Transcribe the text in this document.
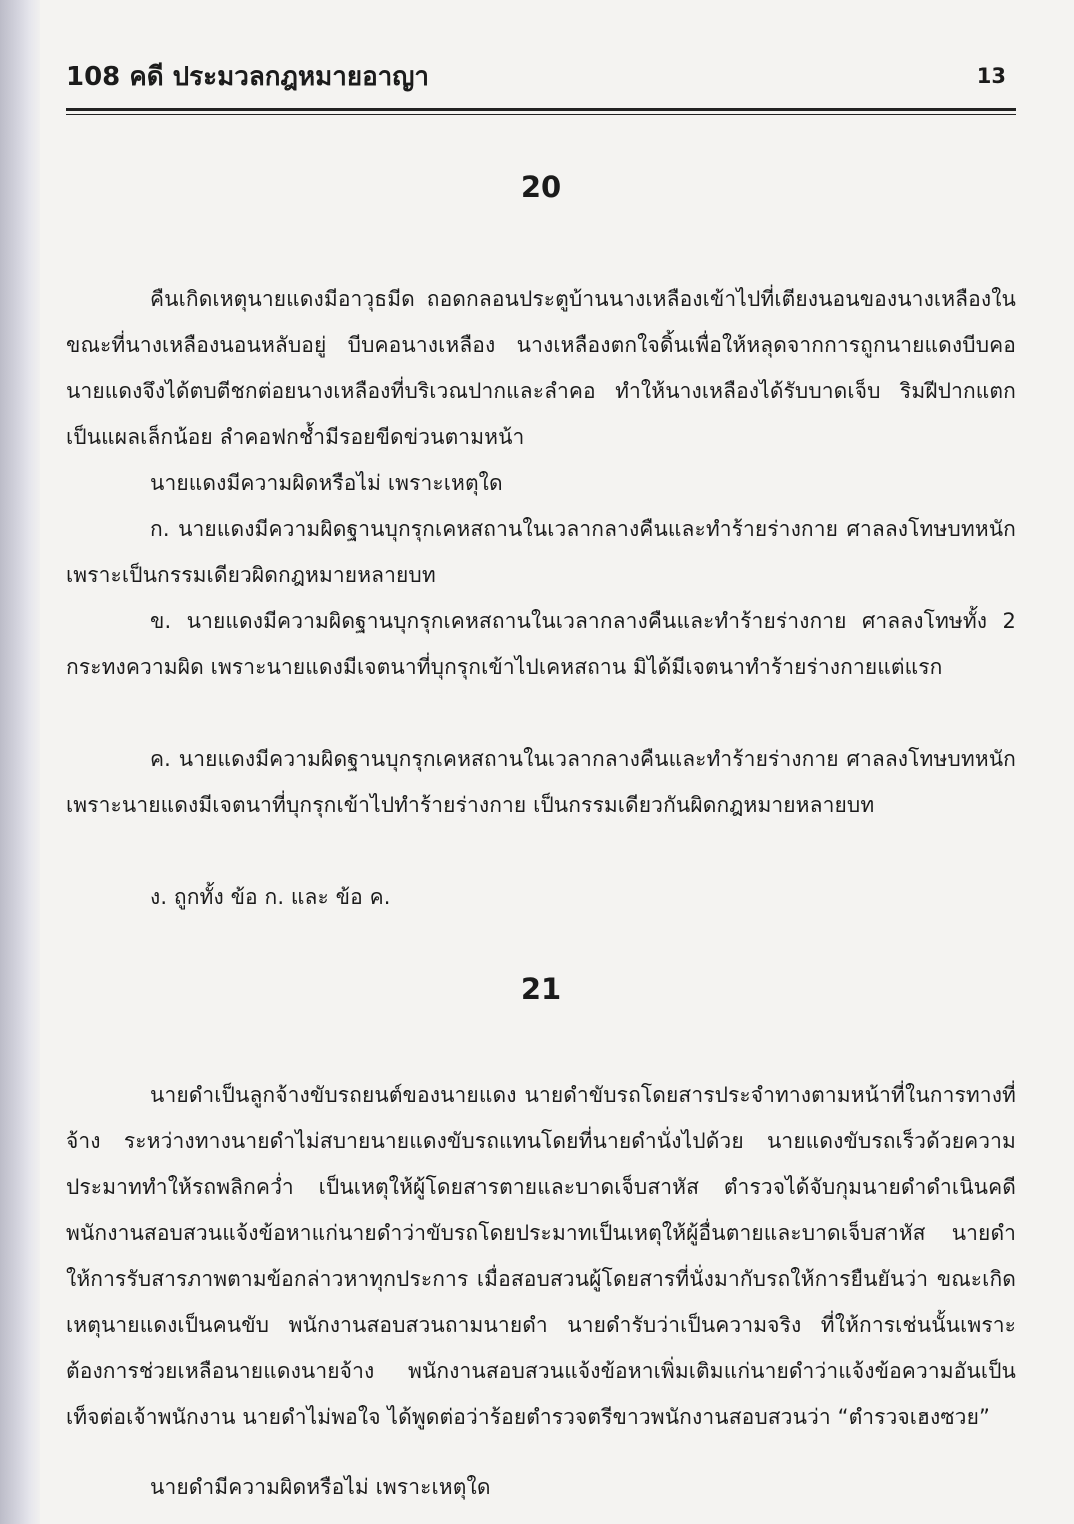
108 คดี ประมวลกฎหมายอาญา	13
20

คืนเกิดเหตุนายแดงมีอาวุธมีด ถอดกลอนประตูบ้านนางเหลืองเข้าไปที่เตียงนอนของนางเหลืองในขณะที่นางเหลืองนอนหลับอยู่ บีบคอนางเหลือง นางเหลืองตกใจดิ้นเพื่อให้หลุดจากการถูกนายแดงบีบคอ นายแดงจึงได้ตบตีชกต่อยนางเหลืองที่บริเวณปากและลำคอ ทำให้นางเหลืองได้รับบาดเจ็บ ริมฝีปากแตกเป็นแผลเล็กน้อย ลำคอฟกช้ำมีรอยขีดข่วนตามหน้า

นายแดงมีความผิดหรือไม่ เพราะเหตุใด

ก. นายแดงมีความผิดฐานบุกรุกเคหสถานในเวลากลางคืนและทำร้ายร่างกาย ศาลลงโทษบทหนัก เพราะเป็นกรรมเดียวผิดกฎหมายหลายบท

ข. นายแดงมีความผิดฐานบุกรุกเคหสถานในเวลากลางคืนและทำร้ายร่างกาย ศาลลงโทษทั้ง 2 กระทงความผิด เพราะนายแดงมีเจตนาที่บุกรุกเข้าไปเคหสถาน มิได้มีเจตนาทำร้ายร่างกายแต่แรก

ค. นายแดงมีความผิดฐานบุกรุกเคหสถานในเวลากลางคืนและทำร้ายร่างกาย ศาลลงโทษบทหนัก เพราะนายแดงมีเจตนาที่บุกรุกเข้าไปทำร้ายร่างกาย เป็นกรรมเดียวกันผิดกฎหมายหลายบท

ง. ถูกทั้ง ข้อ ก. และ ข้อ ค.

21

นายดำเป็นลูกจ้างขับรถยนต์ของนายแดง นายดำขับรถโดยสารประจำทางตามหน้าที่ในการทางที่จ้าง ระหว่างทางนายดำไม่สบายนายแดงขับรถแทนโดยที่นายดำนั่งไปด้วย นายแดงขับรถเร็วด้วยความประมาททำให้รถพลิกคว่ำ เป็นเหตุให้ผู้โดยสารตายและบาดเจ็บสาหัส ตำรวจได้จับกุมนายดำดำเนินคดี พนักงานสอบสวนแจ้งข้อหาแก่นายดำว่าขับรถโดยประมาทเป็นเหตุให้ผู้อื่นตายและบาดเจ็บสาหัส นายดำให้การรับสารภาพตามข้อกล่าวหาทุกประการ เมื่อสอบสวนผู้โดยสารที่นั่งมากับรถให้การยืนยันว่า ขณะเกิดเหตุนายแดงเป็นคนขับ พนักงานสอบสวนถามนายดำ นายดำรับว่าเป็นความจริง ที่ให้การเช่นนั้นเพราะต้องการช่วยเหลือนายแดงนายจ้าง พนักงานสอบสวนแจ้งข้อหาเพิ่มเติมแก่นายดำว่าแจ้งข้อความอันเป็นเท็จต่อเจ้าพนักงาน นายดำไม่พอใจ ได้พูดต่อว่าร้อยตำรวจตรีขาวพนักงานสอบสวนว่า “ตำรวจเฮงซวย”

นายดำมีความผิดหรือไม่ เพราะเหตุใด
